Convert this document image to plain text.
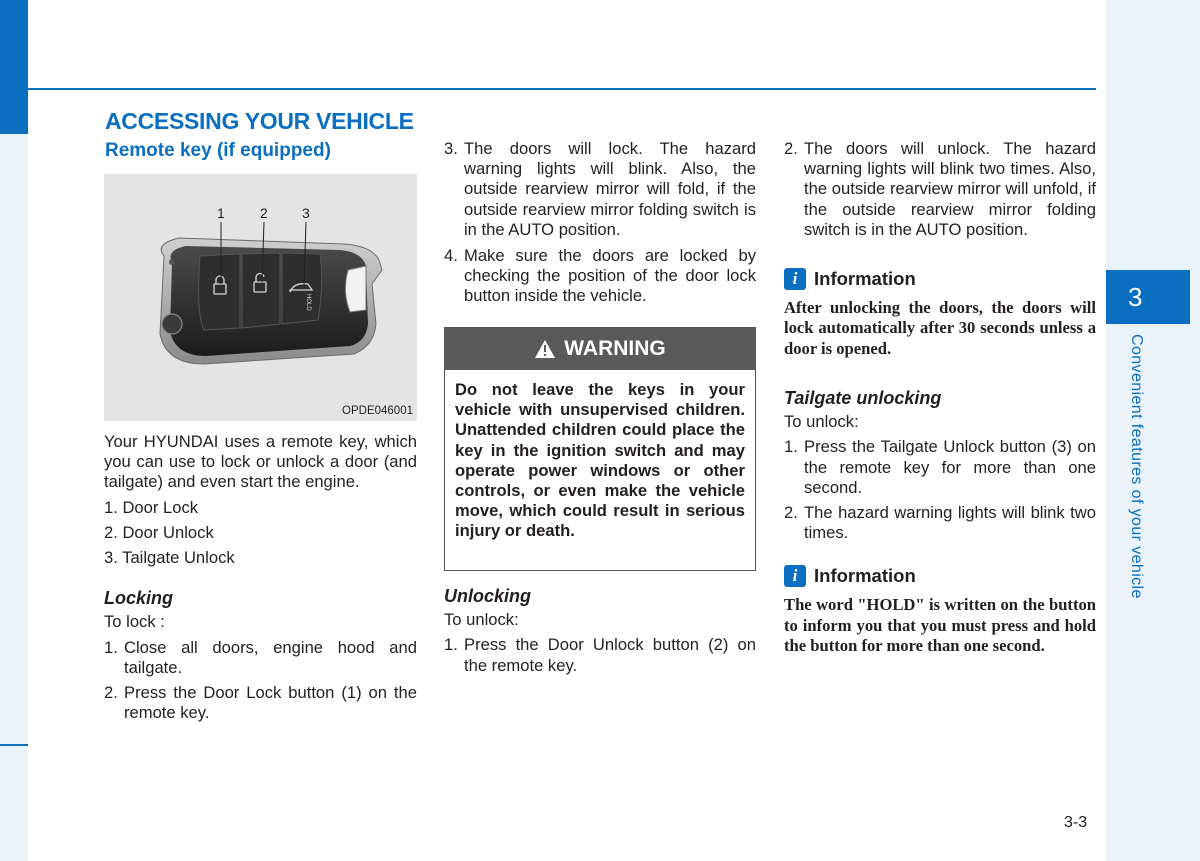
3
Convenient features of your vehicle
3-3
ACCESSING YOUR VEHICLE
Remote key (if equipped)
HOLD
1	2 3
OPDE046001

Your HYUNDAI uses a remote key, which you can use to lock or unlock a door (and tailgate) and even start the engine.

1. Door Lock

2. Door Unlock

3. Tailgate Unlock

Locking

To lock :

1. Close all doors, engine hood and tailgate.
2. Press the Door Lock button (1) on the remote key.
3. The doors will lock. The hazard warning lights will blink. Also, the outside rearview mirror will fold, if the outside rearview mirror folding switch is in the AUTO position.
4. Make sure the doors are locked by checking the position of the door lock button inside the vehicle.
WARNING
Do not leave the keys in your vehicle with unsupervised children. Unattended children could place the key in the ignition switch and may operate power windows or other controls, or even make the vehicle move, which could result in serious injury or death.

Unlocking

To unlock:

1. Press the Door Unlock button (2) on the remote key.
2. The doors will unlock. The hazard warning lights will blink two times. Also, the outside rearview mirror will unfold, if the outside rearview mirror folding switch is in the AUTO position.
i Information

After unlocking the doors, the doors will lock automatically after 30 seconds unless a door is opened.

Tailgate unlocking

To unlock:

1. Press the Tailgate Unlock button (3) on the remote key for more than one second.
2. The hazard warning lights will blink two times.
i Information

The word "HOLD" is written on the button to inform you that you must press and hold the button for more than one second.
